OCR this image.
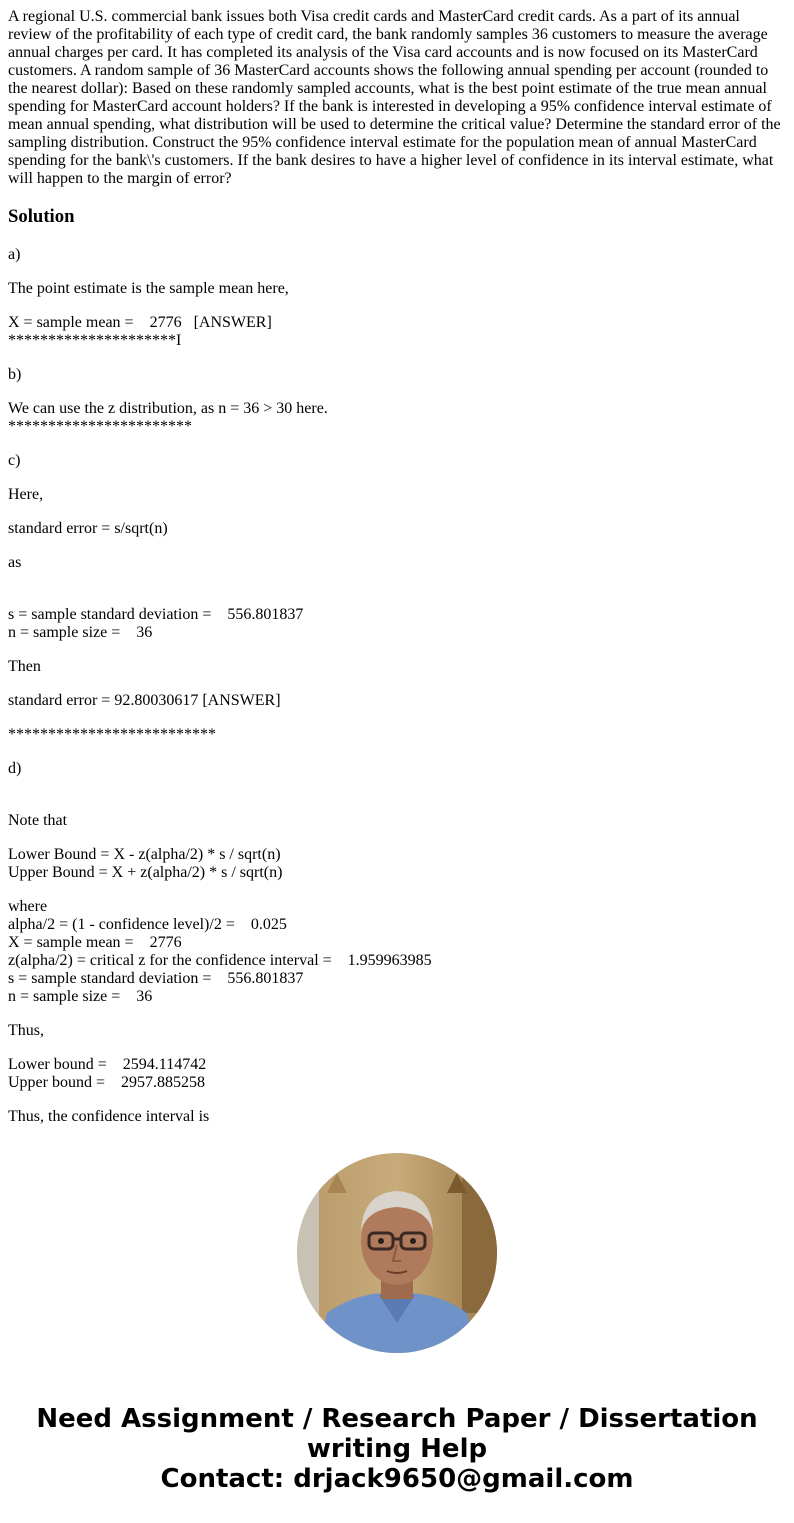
A regional U.S. commercial bank issues both Visa credit cards and MasterCard credit cards. As a part of its annual review of the profitability of each type of credit card, the bank randomly samples 36 customers to measure the average annual charges per card. It has completed its analysis of the Visa card accounts and is now focused on its MasterCard customers. A random sample of 36 MasterCard accounts shows the following annual spending per account (rounded to the nearest dollar): Based on these randomly sampled accounts, what is the best point estimate of the true mean annual spending for MasterCard account holders? If the bank is interested in developing a 95% confidence interval estimate of mean annual spending, what distribution will be used to determine the critical value? Determine the standard error of the sampling distribution. Construct the 95% confidence interval estimate for the population mean of annual MasterCard spending for the bank\'s customers. If the bank desires to have a higher level of confidence in its interval estimate, what will happen to the margin of error?

Solution
a)
The point estimate is the sample mean here,
X = sample mean =    2776   [ANSWER]
*********************I
b)
We can use the z distribution, as n = 36 > 30 here.
***********************
c)
Here,
standard error = s/sqrt(n)
as
s = sample standard deviation =    556.801837
n = sample size =    36
Then
standard error = 92.80030617 [ANSWER]
**************************
d)
Note that
Lower Bound = X - z(alpha/2) * s / sqrt(n)
Upper Bound = X + z(alpha/2) * s / sqrt(n)
where
alpha/2 = (1 - confidence level)/2 =    0.025
X = sample mean =    2776
z(alpha/2) = critical z for the confidence interval =    1.959963985
s = sample standard deviation =    556.801837
n = sample size =    36
Thus,
Lower bound =    2594.114742
Upper bound =    2957.885258
Thus, the confidence interval is
Need Assignment / Research Paper / Dissertation
writing Help
Contact: drjack9650@gmail.com
